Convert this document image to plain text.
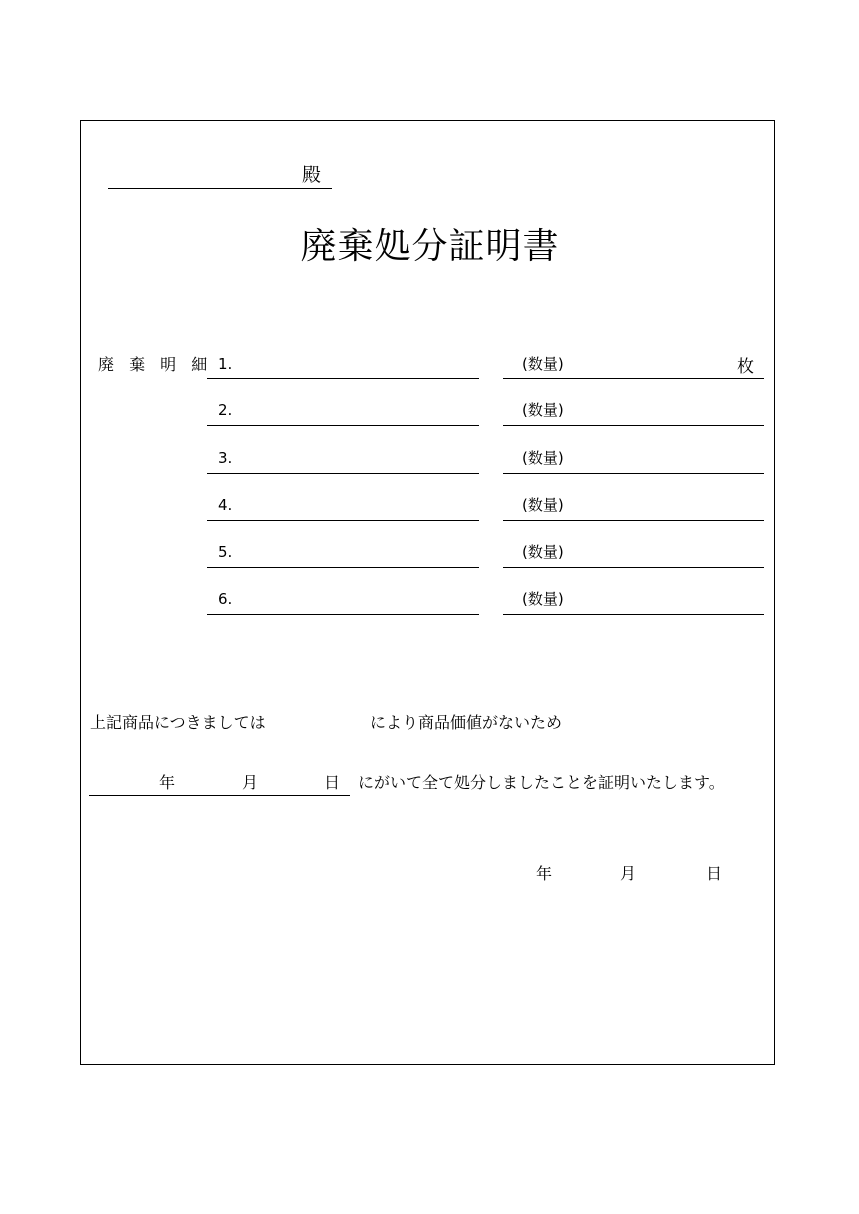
殿
廃棄処分証明書
廃 棄 明 細 1.	(数量)	枚
2.	(数量)
3.	(数量)
4.	(数量)
5.	(数量)
6.	(数量)
上記商品につきましては	により商品価値がないため
年	月	日 にがいて全て処分しましたことを証明いたします。
年	月	日
